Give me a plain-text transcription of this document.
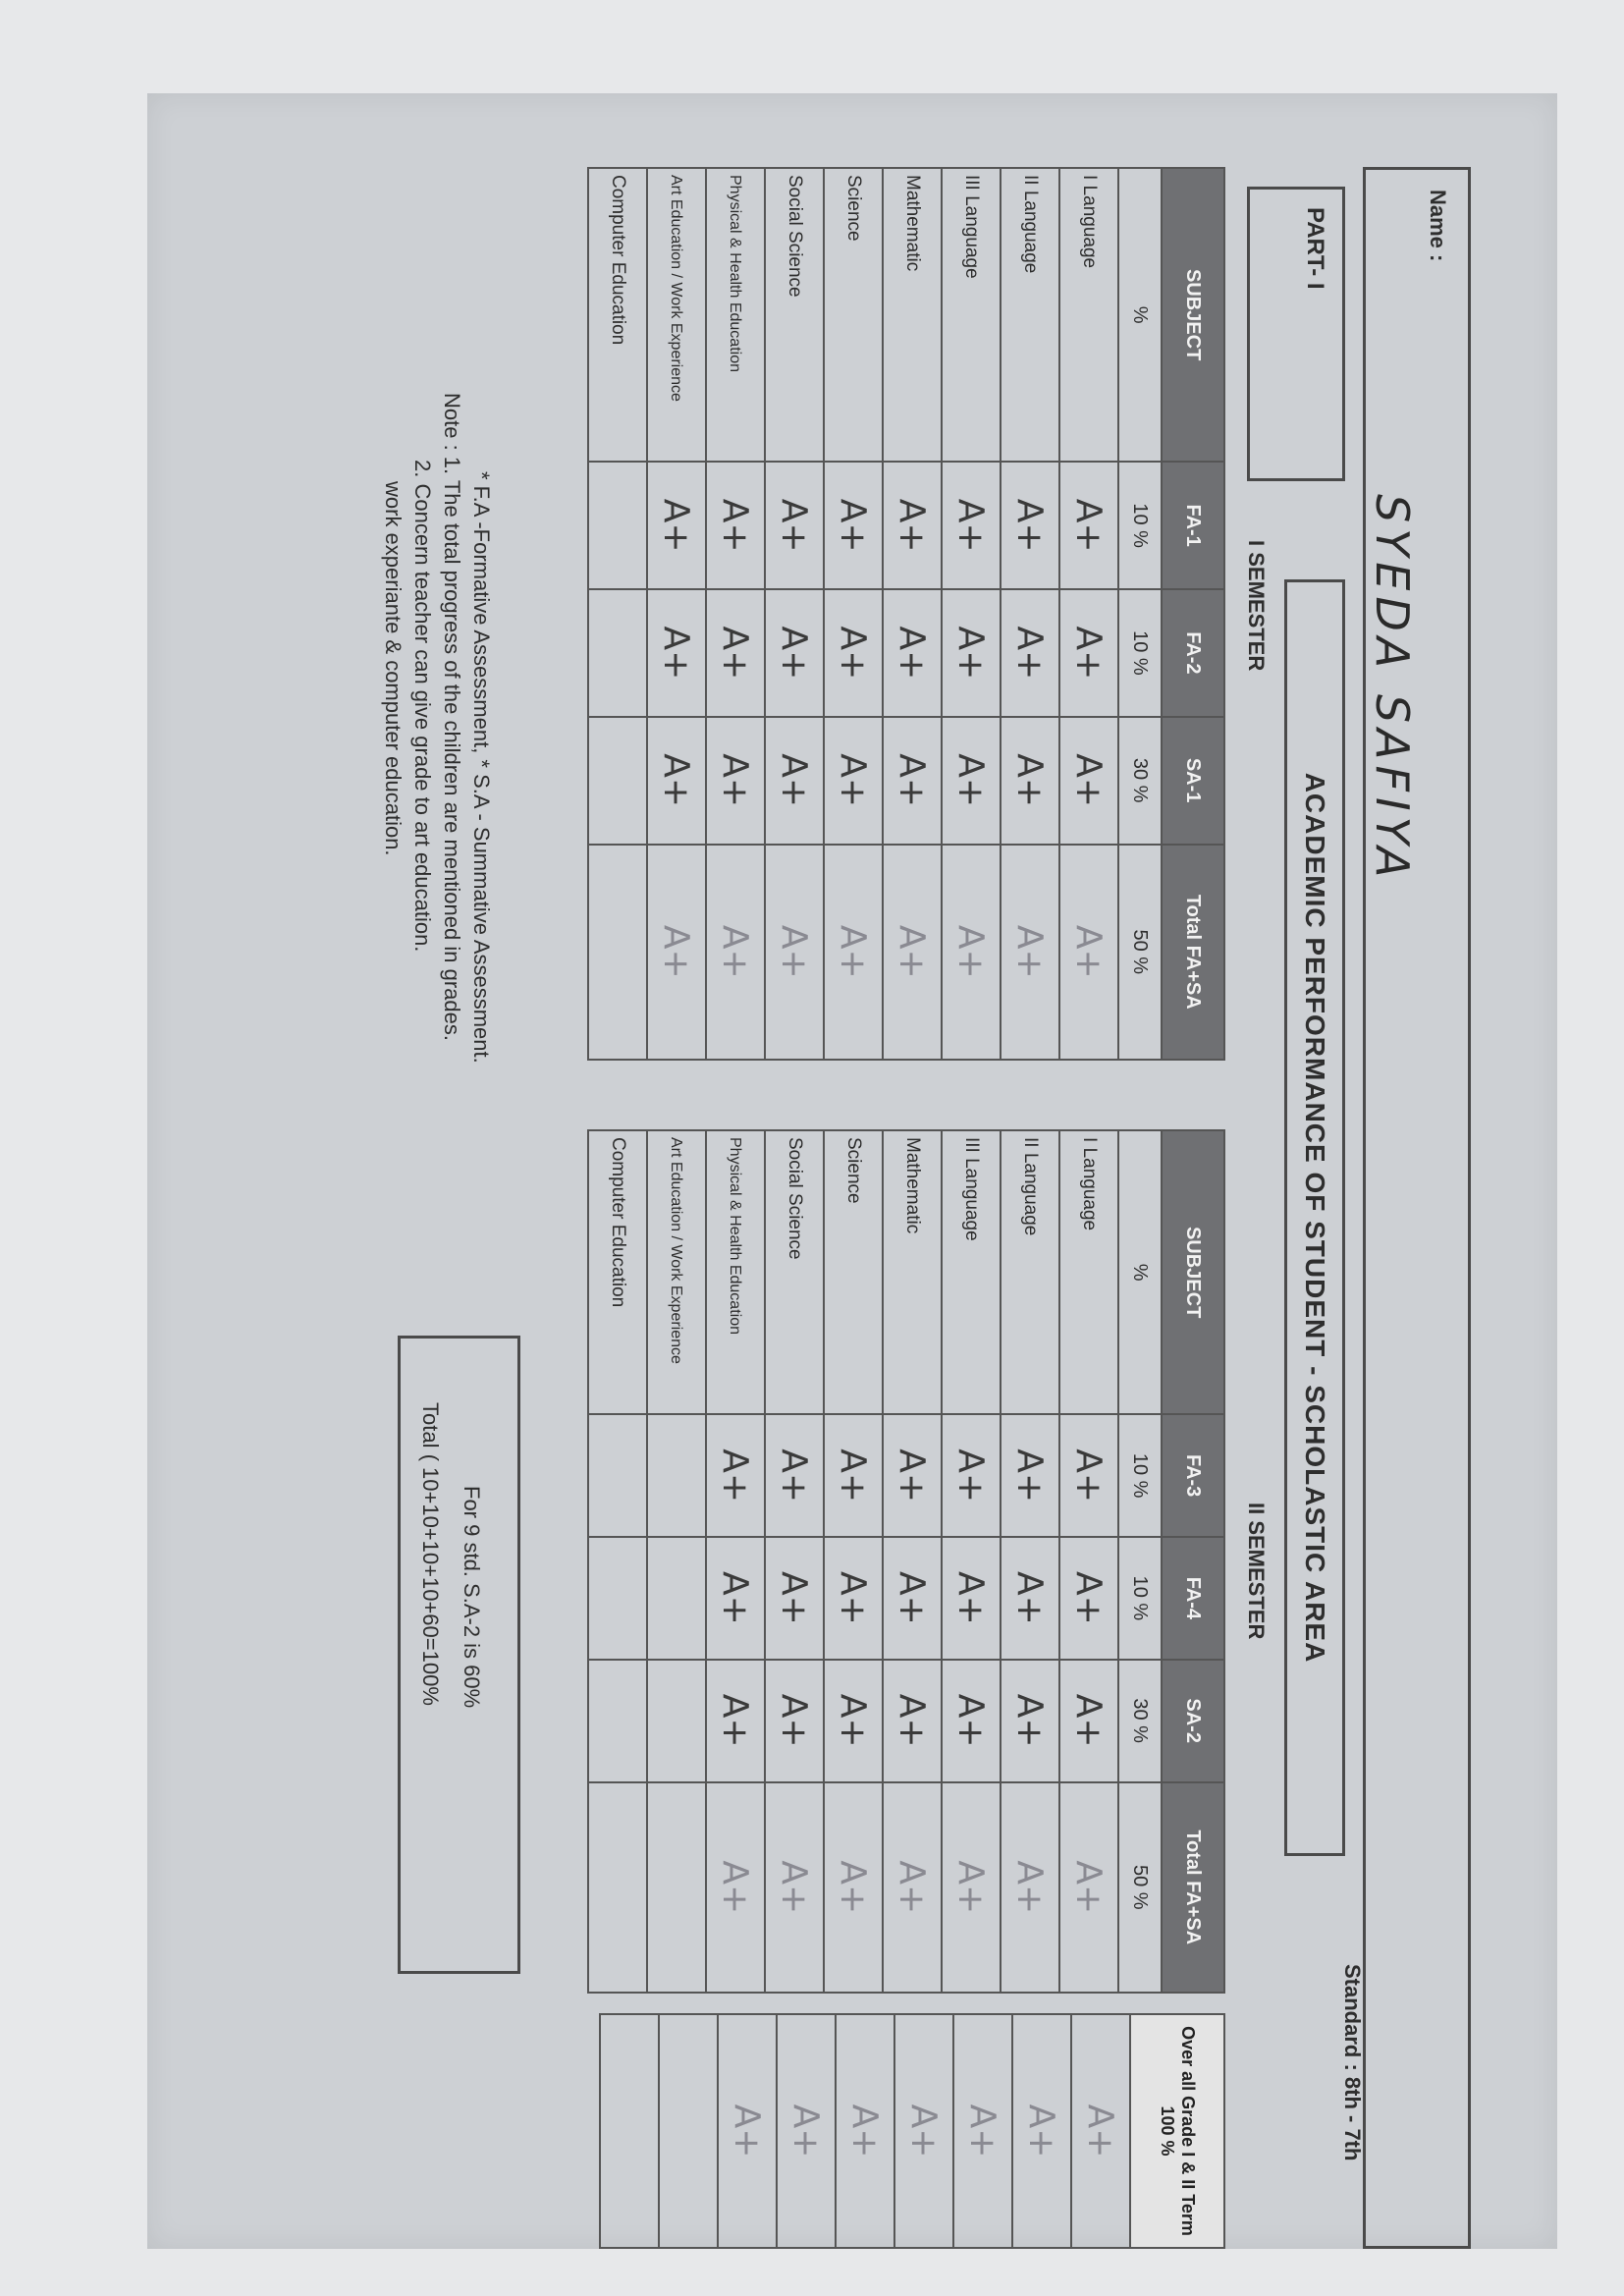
Name :
SYEDA SAFIYA
Standard : 8th - 7th
PART- I
ACADEMIC PERFORMANCE OF STUDENT - SCHOLASTIC AREA
I SEMESTER
II SEMESTER
SUBJECT	FA-1	FA-2	SA-1	Total FA+SA
%	10 %	10 %	30 %	50 %
I Language	A+	A+	A+	A+
II Language	A+	A+	A+	A+
III Language	A+	A+	A+	A+
Mathematic	A+	A+	A+	A+
Science	A+	A+	A+	A+
Social Science	A+	A+	A+	A+
Physical & Health Education	A+	A+	A+	A+
Art Education / Work Experience	A+	A+	A+	A+
Computer Education				
SUBJECT	FA-3	FA-4	SA-2	Total FA+SA
%	10 %	10 %	30 %	50 %
I Language	A+	A+	A+	A+
II Language	A+	A+	A+	A+
III Language	A+	A+	A+	A+
Mathematic	A+	A+	A+	A+
Science	A+	A+	A+	A+
Social Science	A+	A+	A+	A+
Physical & Health Education	A+	A+	A+	A+
Art Education / Work Experience				
Computer Education				
Over all Grade I & II Term 100 %
A+
A+
A+
A+
A+
A+
A+

* F.A -Formative Assessment, * S.A - Summative Assessment.
Note : 1. The total progress of the children are mentioned in grades.
2. Concern teacher can give grade to art education.
work experiante & computer education.
For 9 std. S.A-2 is 60%
Total ( 10+10+10+10+60=100%
